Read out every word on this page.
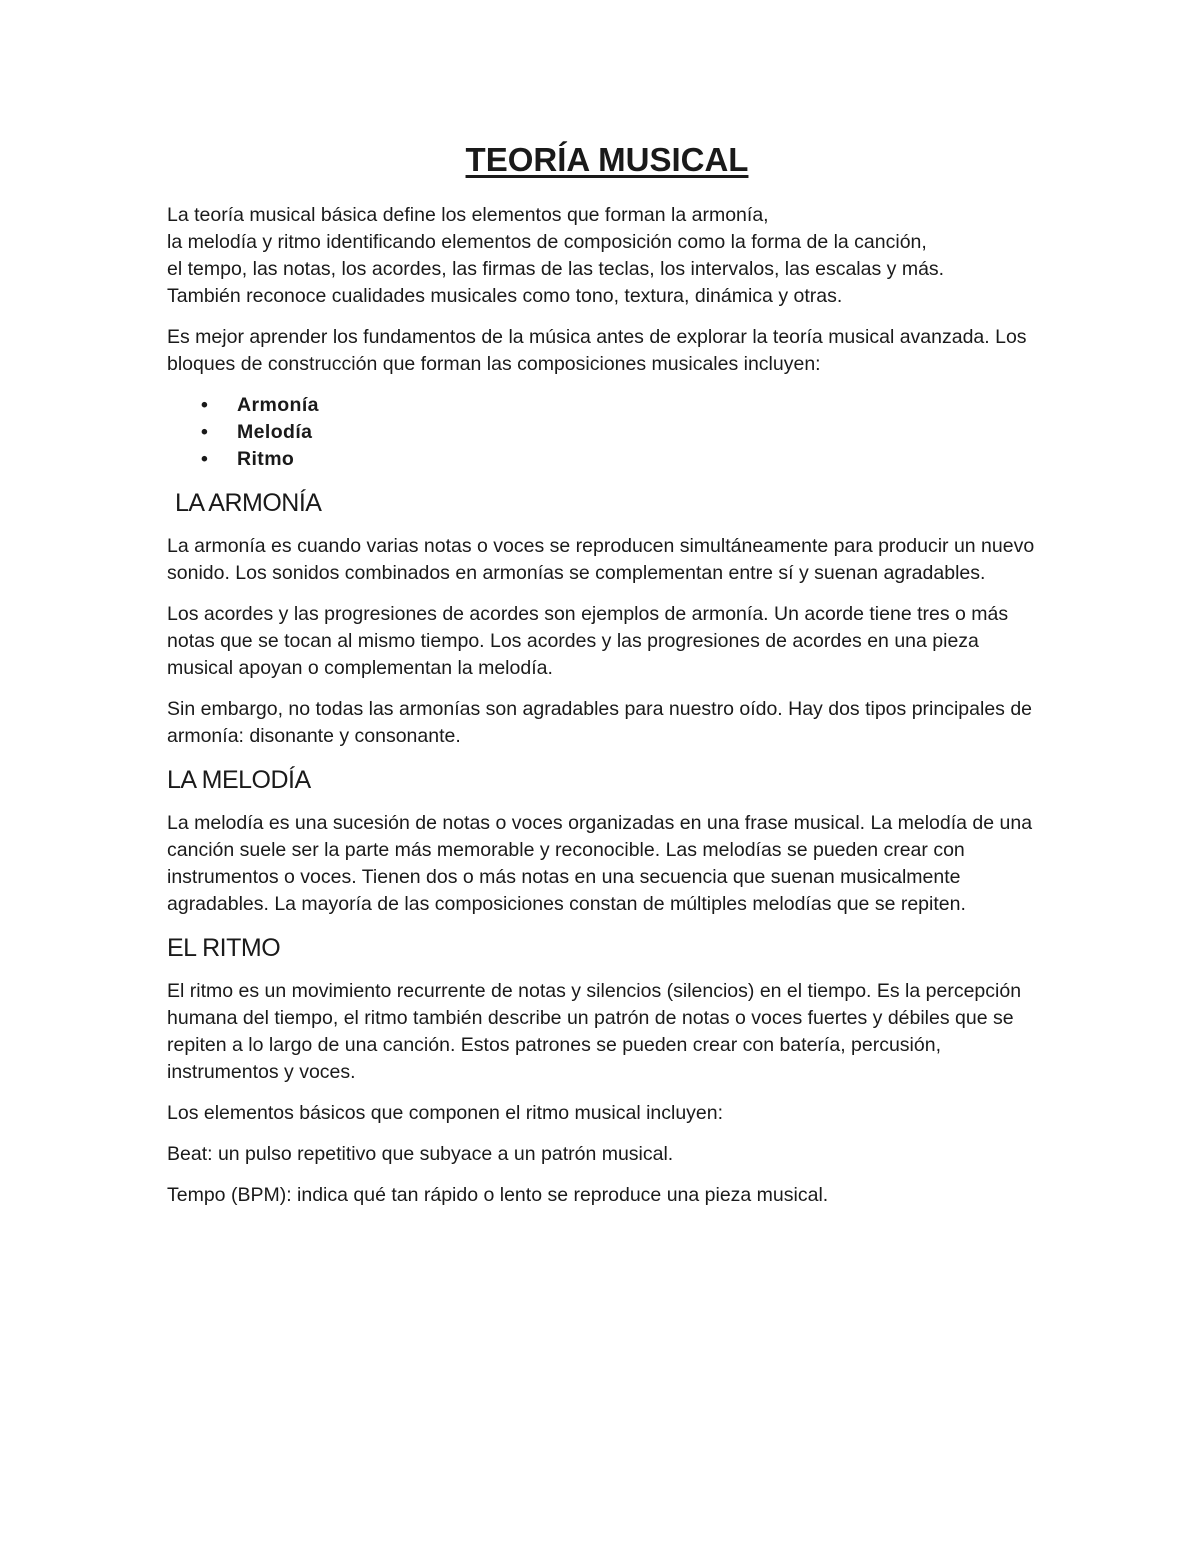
TEORÍA MUSICAL

La teoría musical básica define los elementos que forman la armonía,
la melodía y ritmo identificando elementos de composición como la forma de la canción,
el tempo, las notas, los acordes, las firmas de las teclas, los intervalos, las escalas y más.
También reconoce cualidades musicales como tono, textura, dinámica y otras.

Es mejor aprender los fundamentos de la música antes de explorar la teoría musical avanzada. Los bloques de construcción que forman las composiciones musicales incluyen:

• Armonía
• Melodía
• Ritmo
LA ARMONÍA

La armonía es cuando varias notas o voces se reproducen simultáneamente para producir un nuevo sonido. Los sonidos combinados en armonías se complementan entre sí y suenan agradables.

Los acordes y las progresiones de acordes son ejemplos de armonía. Un acorde tiene tres o más notas que se tocan al mismo tiempo. Los acordes y las progresiones de acordes en una pieza musical apoyan o complementan la melodía.

Sin embargo, no todas las armonías son agradables para nuestro oído. Hay dos tipos principales de armonía: disonante y consonante.

LA MELODÍA

La melodía es una sucesión de notas o voces organizadas en una frase musical. La melodía de una canción suele ser la parte más memorable y reconocible. Las melodías se pueden crear con instrumentos o voces. Tienen dos o más notas en una secuencia que suenan musicalmente agradables. La mayoría de las composiciones constan de múltiples melodías que se repiten.

EL RITMO

El ritmo es un movimiento recurrente de notas y silencios (silencios) en el tiempo. Es la percepción humana del tiempo, el ritmo también describe un patrón de notas o voces fuertes y débiles que se repiten a lo largo de una canción. Estos patrones se pueden crear con batería, percusión, instrumentos y voces.

Los elementos básicos que componen el ritmo musical incluyen:

Beat: un pulso repetitivo que subyace a un patrón musical.

Tempo (BPM): indica qué tan rápido o lento se reproduce una pieza musical.
